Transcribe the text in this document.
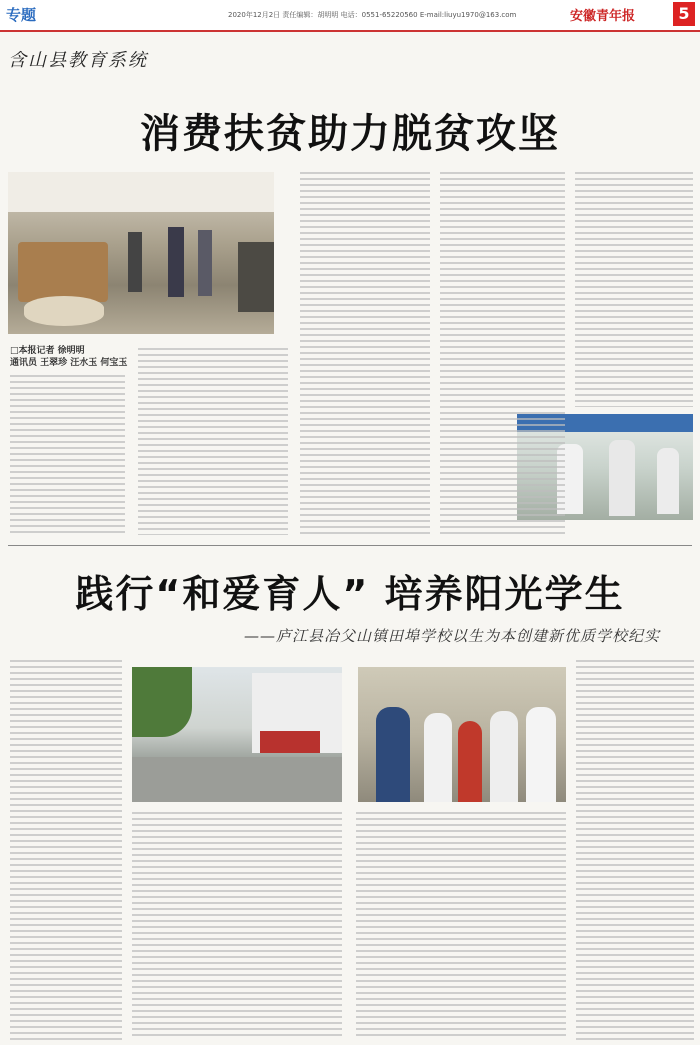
专题	2020年12月2日 责任编辑：胡明明 电话：0551-65220560 E-mail:liuyu1970@163.com	安徽青年报	5
含山县教育系统
消费扶贫助力脱贫攻坚
□本报记者 徐明明
通讯员 王翠珍 汪水玉 何宝玉
践行“和爱育人” 培养阳光学生
——庐江县冶父山镇田埠学校以生为本创建新优质学校纪实
